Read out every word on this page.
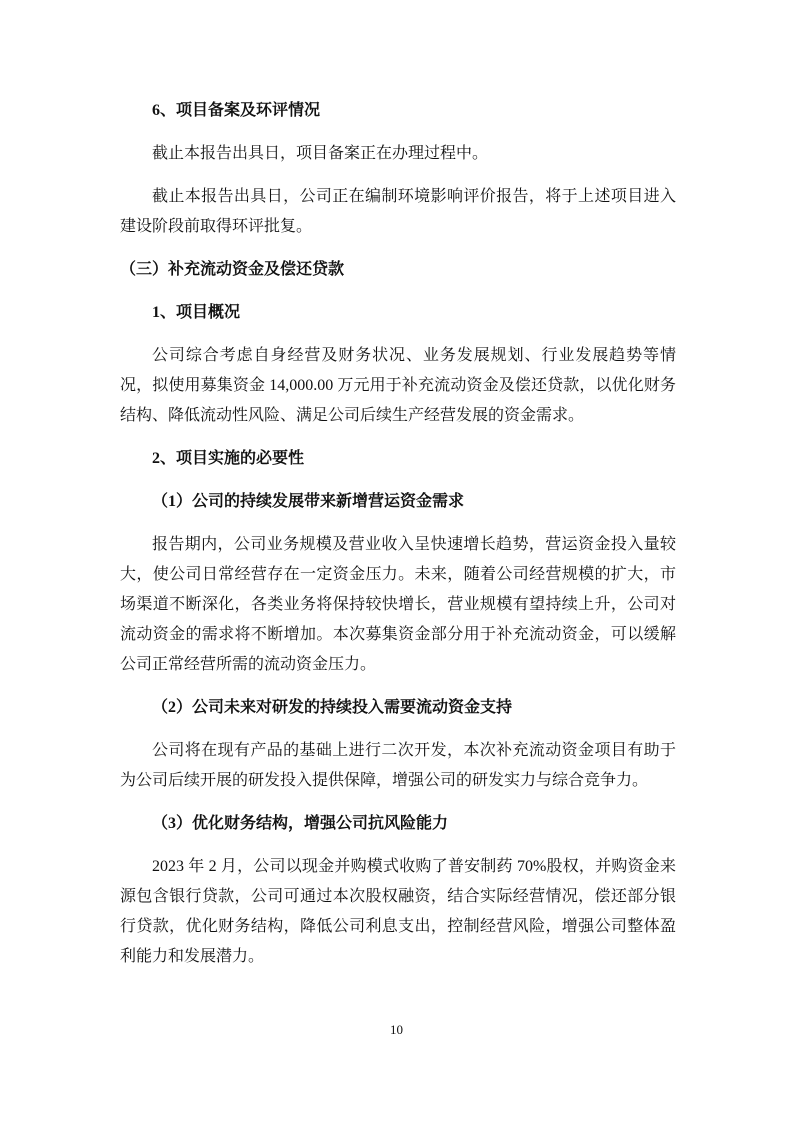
6、项目备案及环评情况
截止本报告出具日，项目备案正在办理过程中。
截止本报告出具日，公司正在编制环境影响评价报告，将于上述项目进入建设阶段前取得环评批复。
（三）补充流动资金及偿还贷款
1、项目概况
公司综合考虑自身经营及财务状况、业务发展规划、行业发展趋势等情况，拟使用募集资金 14,000.00 万元用于补充流动资金及偿还贷款，以优化财务结构、降低流动性风险、满足公司后续生产经营发展的资金需求。
2、项目实施的必要性
（1）公司的持续发展带来新增营运资金需求
报告期内，公司业务规模及营业收入呈快速增长趋势，营运资金投入量较大，使公司日常经营存在一定资金压力。未来，随着公司经营规模的扩大，市场渠道不断深化，各类业务将保持较快增长，营业规模有望持续上升，公司对流动资金的需求将不断增加。本次募集资金部分用于补充流动资金，可以缓解公司正常经营所需的流动资金压力。
（2）公司未来对研发的持续投入需要流动资金支持
公司将在现有产品的基础上进行二次开发，本次补充流动资金项目有助于为公司后续开展的研发投入提供保障，增强公司的研发实力与综合竞争力。
（3）优化财务结构，增强公司抗风险能力
2023 年 2 月，公司以现金并购模式收购了普安制药 70%股权，并购资金来源包含银行贷款，公司可通过本次股权融资，结合实际经营情况，偿还部分银行贷款，优化财务结构，降低公司利息支出，控制经营风险，增强公司整体盈利能力和发展潜力。
10
